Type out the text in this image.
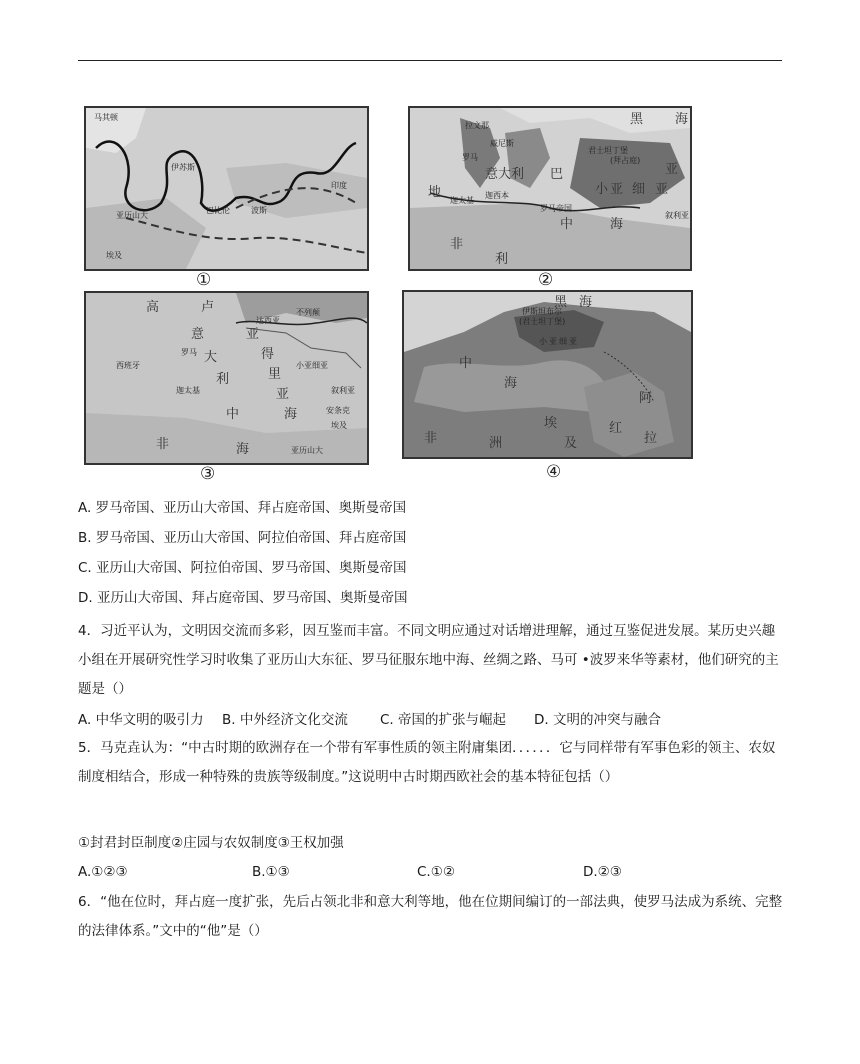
马其顿
埃及
伊苏斯
亚历山大
巴比伦	波斯
印度
拉文那
威尼斯
君士坦丁堡
罗马	(拜占庭)
意大利	亚
巴
小 亚 细 亚
迦太基
迦西本
叙利亚
罗马帝国
地
中	海
非
利
黑 海
高	卢
达西亚
不列颠
西班牙
罗马
意
大
利
亚
得
里
亚
海
迦太基
小亚细亚
埃及
亚历山大
叙利亚
安条克
非
中
海
伊斯坦布尔
(君士坦丁堡)
黑 海
小 亚 细 亚
中
海
埃
及
阿
拉
非	洲
红
①	②
③	④
A. 罗马帝国、亚历山大帝国、拜占庭帝国、奥斯曼帝国
B. 罗马帝国、亚历山大帝国、阿拉伯帝国、拜占庭帝国
C. 亚历山大帝国、阿拉伯帝国、罗马帝国、奥斯曼帝国
D. 亚历山大帝国、拜占庭帝国、罗马帝国、奥斯曼帝国
4．习近平认为，文明因交流而多彩，因互鉴而丰富。不同文明应通过对话增进理解，通过互鉴促进发展。某历史兴趣小组在开展研究性学习时收集了亚历山大东征、罗马征服东地中海、丝绸之路、马可 •波罗来华等素材，他们研究的主题是（）
A. 中华文明的吸引力 B. 中外经济文化交流 C. 帝国的扩张与崛起 D. 文明的冲突与融合
5．马克垚认为：“中古时期的欧洲存在一个带有军事性质的领主附庸集团．．．．．．它与同样带有军事色彩的领主、农奴制度相结合，形成一种特殊的贵族等级制度。”这说明中古时期西欧社会的基本特征包括（）
①封君封臣制度②庄园与农奴制度③王权加强
A.①②③	B.①③	C.①②	D.②③
6．“他在位时，拜占庭一度扩张，先后占领北非和意大利等地，他在位期间编订的一部法典，使罗马法成为系统、完整的法律体系。”文中的“他”是（）
